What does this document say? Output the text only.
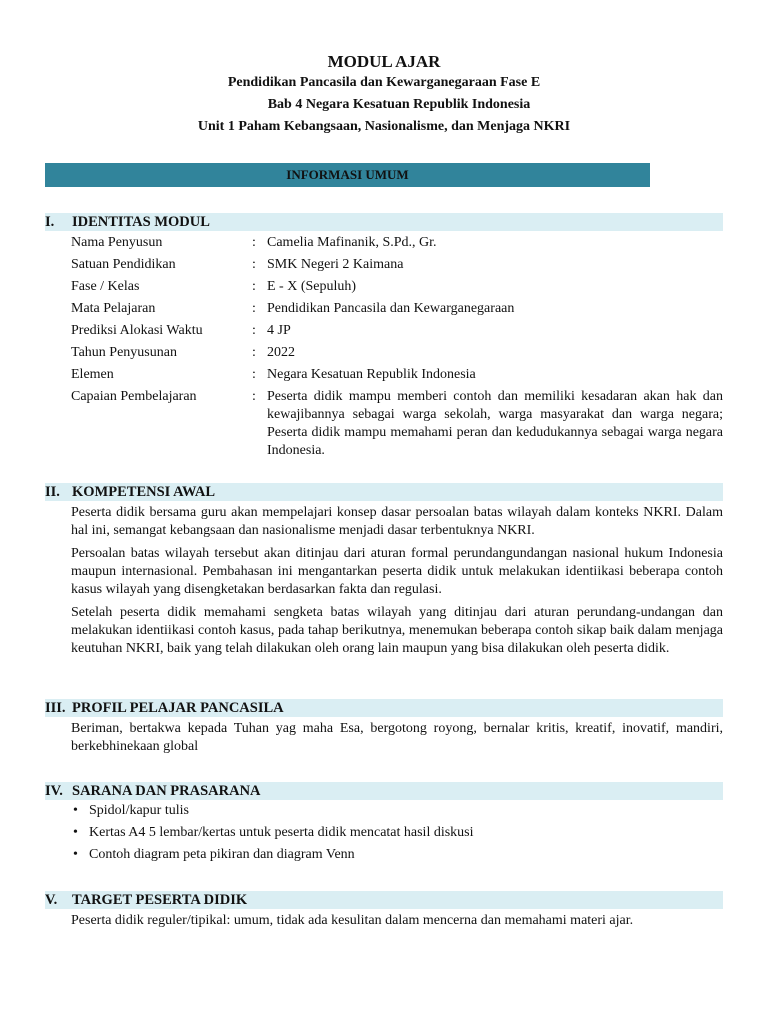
MODUL AJAR
Pendidikan Pancasila dan Kewarganegaraan Fase E
Bab 4 Negara Kesatuan Republik Indonesia
Unit 1 Paham Kebangsaan, Nasionalisme, dan Menjaga NKRI
INFORMASI UMUM
I. IDENTITAS MODUL
Nama Penyusun	: Camelia Mafinanik, S.Pd., Gr.
Satuan Pendidikan	: SMK Negeri 2 Kaimana
Fase / Kelas	: E - X (Sepuluh)
Mata Pelajaran	: Pendidikan Pancasila dan Kewarganegaraan
Prediksi Alokasi Waktu	: 4 JP
Tahun Penyusunan	: 2022
Elemen	: Negara Kesatuan Republik Indonesia
Capaian Pembelajaran	: Peserta didik mampu memberi contoh dan memiliki kesadaran akan hak dan kewajibannya sebagai warga sekolah, warga masyarakat dan warga negara; Peserta didik mampu memahami peran dan kedudukannya sebagai warga negara Indonesia.
II. KOMPETENSI AWAL
Peserta didik bersama guru akan mempelajari konsep dasar persoalan batas wilayah dalam konteks NKRI. Dalam hal ini, semangat kebangsaan dan nasionalisme menjadi dasar terbentuknya NKRI.
Persoalan batas wilayah tersebut akan ditinjau dari aturan formal perundangundangan nasional hukum Indonesia maupun internasional. Pembahasan ini mengantarkan peserta didik untuk melakukan identiikasi beberapa contoh kasus wilayah yang disengketakan berdasarkan fakta dan regulasi.
Setelah peserta didik memahami sengketa batas wilayah yang ditinjau dari aturan perundang-undangan dan melakukan identiikasi contoh kasus, pada tahap berikutnya, menemukan beberapa contoh sikap baik dalam menjaga keutuhan NKRI, baik yang telah dilakukan oleh orang lain maupun yang bisa dilakukan oleh peserta didik.
III. PROFIL PELAJAR PANCASILA
Beriman, bertakwa kepada Tuhan yag maha Esa, bergotong royong, bernalar kritis, kreatif, inovatif, mandiri, berkebhinekaan global
IV. SARANA DAN PRASARANA
• Spidol/kapur tulis
• Kertas A4 5 lembar/kertas untuk peserta didik mencatat hasil diskusi
• Contoh diagram peta pikiran dan diagram Venn
V. TARGET PESERTA DIDIK
Peserta didik reguler/tipikal: umum, tidak ada kesulitan dalam mencerna dan memahami materi ajar.
